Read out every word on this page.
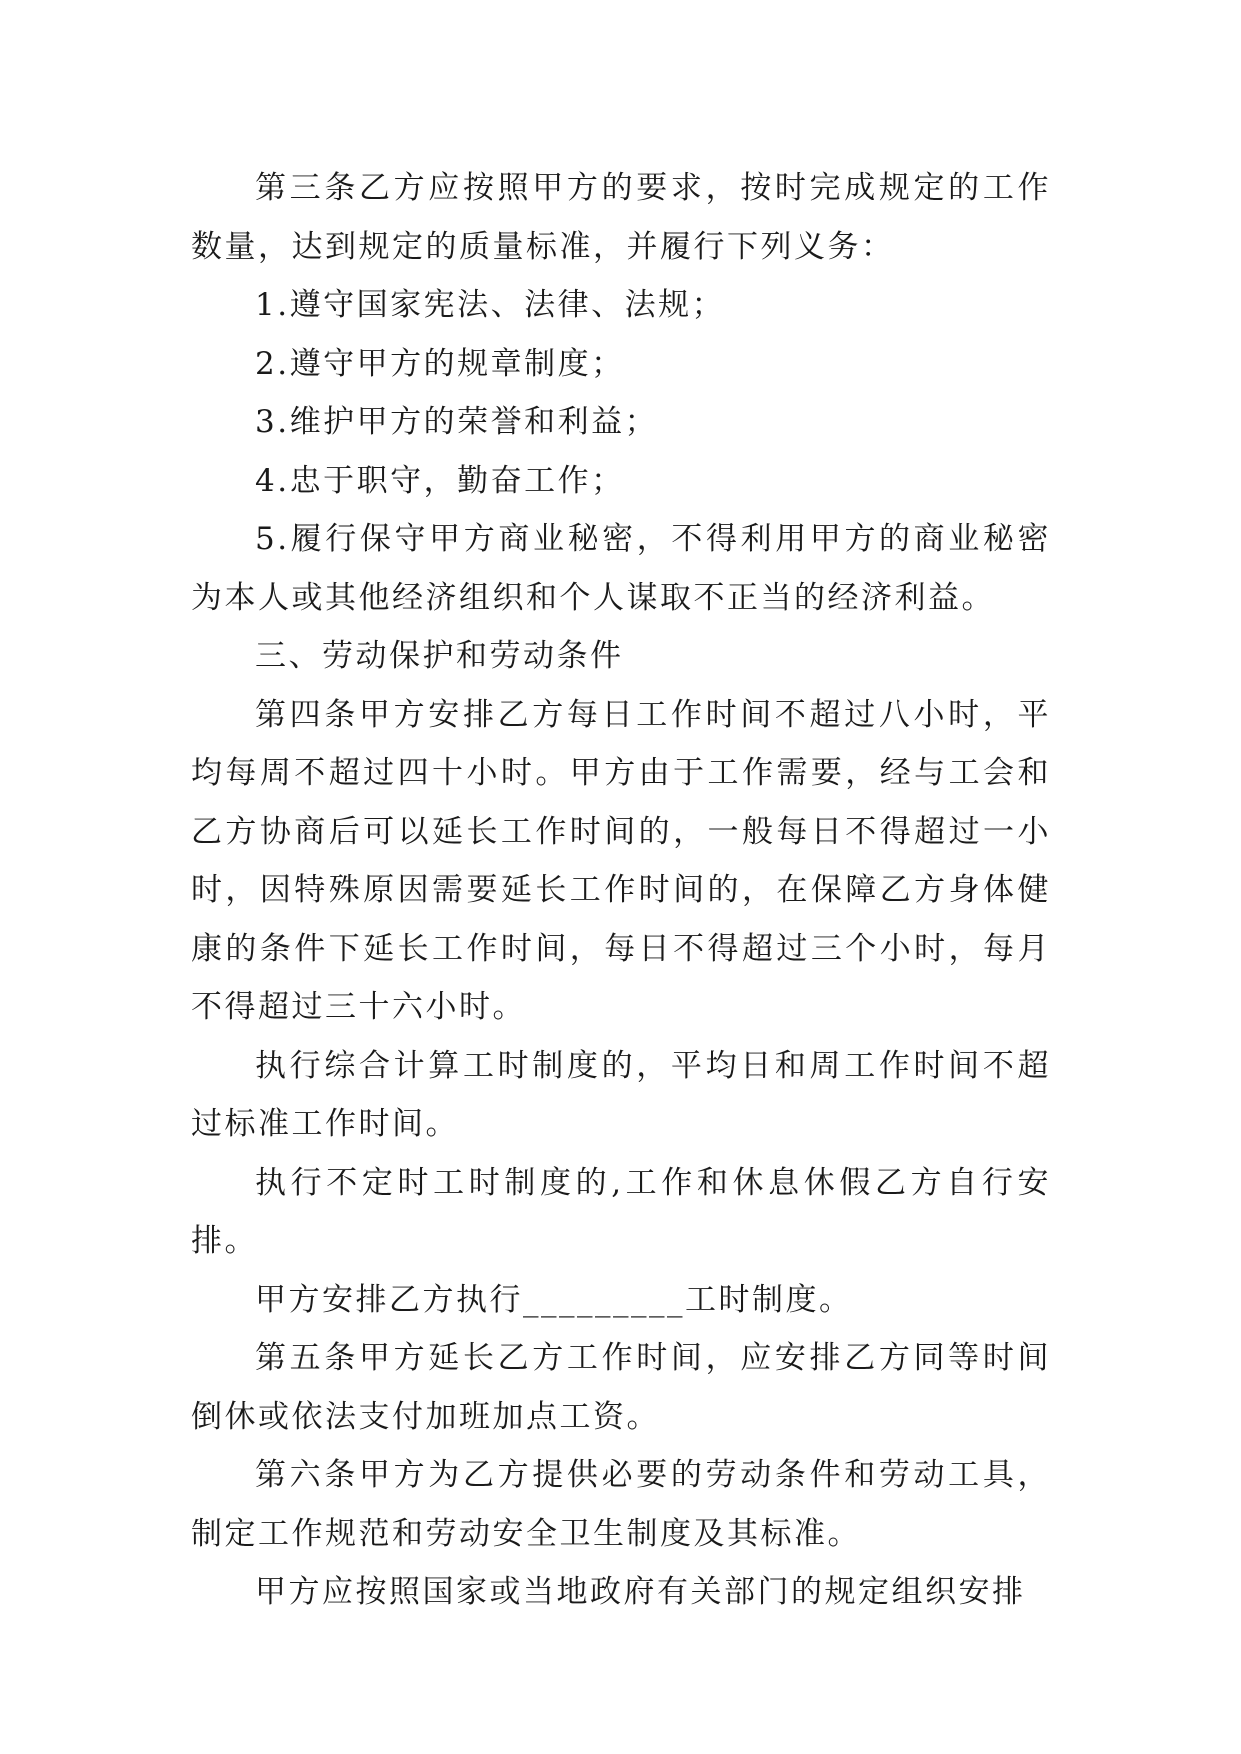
第三条乙方应按照甲方的要求，按时完成规定的工作数量，达到规定的质量标准，并履行下列义务：

1.遵守国家宪法、法律、法规；

2.遵守甲方的规章制度；

3.维护甲方的荣誉和利益；

4.忠于职守，勤奋工作；

5.履行保守甲方商业秘密，不得利用甲方的商业秘密为本人或其他经济组织和个人谋取不正当的经济利益。

三、劳动保护和劳动条件

第四条甲方安排乙方每日工作时间不超过八小时，平均每周不超过四十小时。甲方由于工作需要，经与工会和乙方协商后可以延长工作时间的，一般每日不得超过一小时，因特殊原因需要延长工作时间的，在保障乙方身体健康的条件下延长工作时间，每日不得超过三个小时，每月不得超过三十六小时。

执行综合计算工时制度的，平均日和周工作时间不超过标准工作时间。

执行不定时工时制度的,工作和休息休假乙方自行安排。

甲方安排乙方执行_________工时制度。

第五条甲方延长乙方工作时间，应安排乙方同等时间倒休或依法支付加班加点工资。

第六条甲方为乙方提供必要的劳动条件和劳动工具，制定工作规范和劳动安全卫生制度及其标准。

甲方应按照国家或当地政府有关部门的规定组织安排
